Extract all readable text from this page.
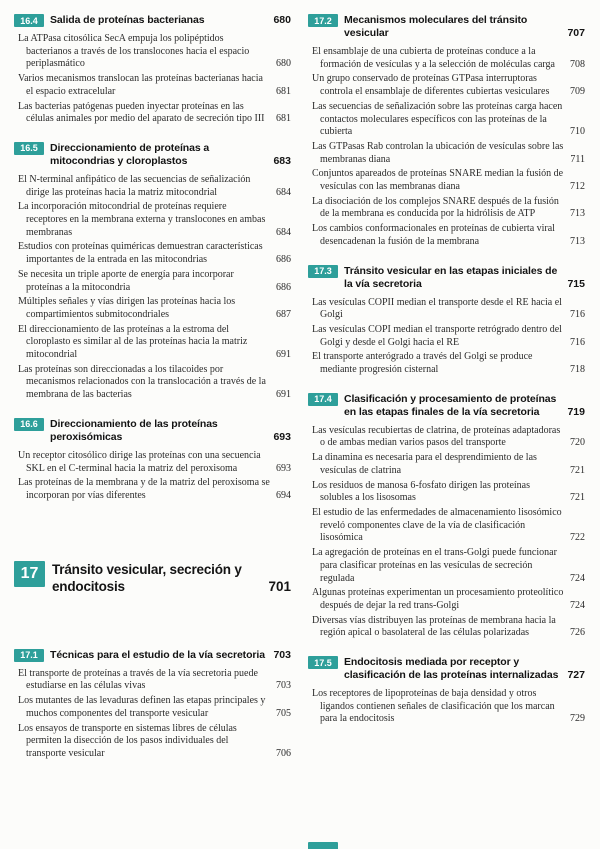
16.4	Salida de proteínas bacterianas	680
La ATPasa citosólica SecA empuja los polipéptidos bacterianos a través de los translocones hacia el espacio periplasmático	680
Varios mecanismos translocan las proteínas bacterianas hacia el espacio extracelular	681
Las bacterias patógenas pueden inyectar proteínas en las células animales por medio del aparato de secreción tipo III	681
16.5	Direccionamiento de proteínas a mitocondrias y cloroplastos	683
El N-terminal anfipático de las secuencias de señalización dirige las proteínas hacia la matriz mitocondrial	684
La incorporación mitocondrial de proteínas requiere receptores en la membrana externa y translocones en ambas membranas	684
Estudios con proteínas quiméricas demuestran características importantes de la entrada en las mitocondrias	686
Se necesita un triple aporte de energía para incorporar proteínas a la mitocondria	686
Múltiples señales y vías dirigen las proteínas hacia los compartimientos submitocondriales	687
El direccionamiento de las proteínas a la estroma del cloroplasto es similar al de las proteínas hacia la matriz mitocondrial	691
Las proteínas son direccionadas a los tilacoides por mecanismos relacionados con la translocación a través de la membrana de las bacterias	691
16.6	Direccionamiento de las proteínas peroxisómicas	693
Un receptor citosólico dirige las proteínas con una secuencia SKL en el C-terminal hacia la matriz del peroxisoma	693
Las proteínas de la membrana y de la matriz del peroxisoma se incorporan por vías diferentes	694
17	Tránsito vesicular, secreción y endocitosis	701
17.1	Técnicas para el estudio de la vía secretoria 703
El transporte de proteínas a través de la vía secretoria puede estudiarse en las células vivas	703
Los mutantes de las levaduras definen las etapas principales y muchos componentes del transporte vesicular	705
Los ensayos de transporte en sistemas libres de células permiten la disección de los pasos individuales del transporte vesicular	706
17.2	Mecanismos moleculares del tránsito vesicular	707
El ensamblaje de una cubierta de proteínas conduce a la formación de vesículas y a la selección de moléculas carga	708
Un grupo conservado de proteínas GTPasa interruptoras controla el ensamblaje de diferentes cubiertas vesiculares	709
Las secuencias de señalización sobre las proteínas carga hacen contactos moleculares específicos con las proteínas de la cubierta	710
Las GTPasas Rab controlan la ubicación de vesículas sobre las membranas diana	711
Conjuntos apareados de proteínas SNARE median la fusión de vesículas con las membranas diana	712
La disociación de los complejos SNARE después de la fusión de la membrana es conducida por la hidrólisis de ATP	713
Los cambios conformacionales en proteínas de cubierta viral desencadenan la fusión de la membrana	713
17.3	Tránsito vesicular en las etapas iniciales de la vía secretoria	715
Las vesículas COPII median el transporte desde el RE hacia el Golgi	716
Las vesículas COPI median el transporte retrógrado dentro del Golgi y desde el Golgi hacia el RE	716
El transporte anterógrado a través del Golgi se produce mediante progresión cisternal	718
17.4	Clasificación y procesamiento de proteínas en las etapas finales de la vía secretoria	719
Las vesículas recubiertas de clatrina, de proteínas adaptadoras o de ambas median varios pasos del transporte	720
La dinamina es necesaria para el desprendimiento de las vesículas de clatrina	721
Los residuos de manosa 6-fosfato dirigen las proteínas solubles a los lisosomas	721
El estudio de las enfermedades de almacenamiento lisosómico reveló componentes clave de la vía de clasificación lisosómica	722
La agregación de proteínas en el trans-Golgi puede funcionar para clasificar proteínas en las vesículas de secreción regulada	724
Algunas proteínas experimentan un procesamiento proteolítico después de dejar la red trans-Golgi	724
Diversas vías distribuyen las proteínas de membrana hacia la región apical o basolateral de las células polarizadas	726
17.5	Endocitosis mediada por receptor y clasificación de las proteínas internalizadas 727
Los receptores de lipoproteínas de baja densidad y otros ligandos contienen señales de clasificación que los marcan para la endocitosis	729
